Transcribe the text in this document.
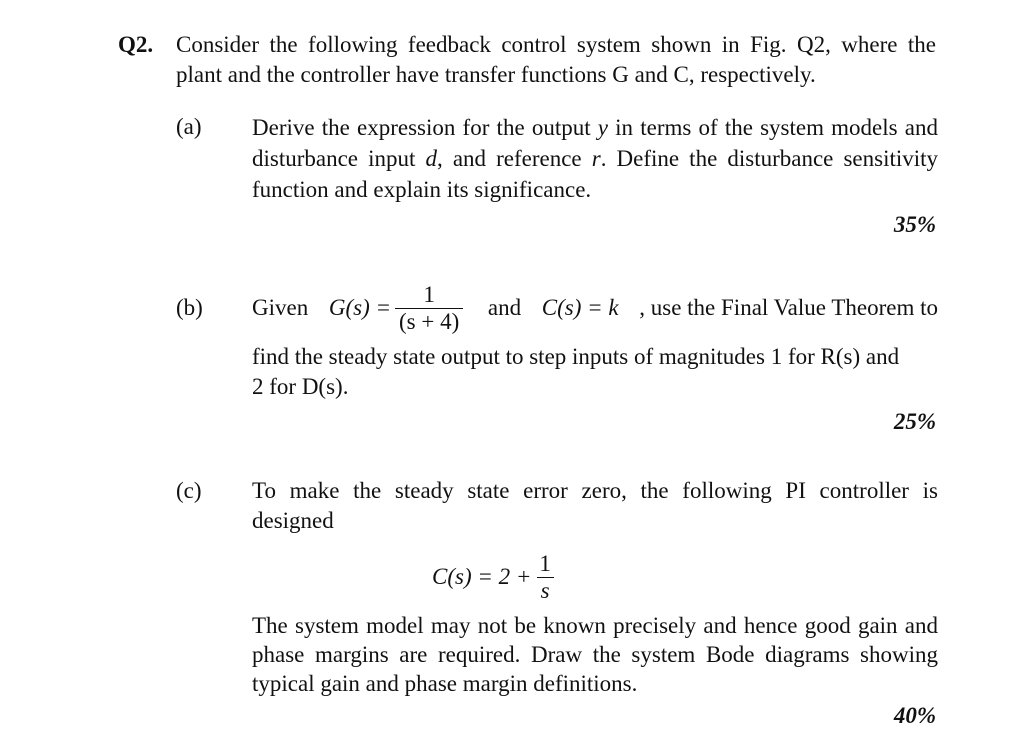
Q2. Consider the following feedback control system shown in Fig. Q2, where the plant and the controller have transfer functions G and C, respectively.
(a) Derive the expression for the output y in terms of the system models and disturbance input d, and reference r. Define the disturbance sensitivity function and explain its significance.
35%
(b) Given $G(s) = \frac{1}{(s + 4)}$ and C(s) = k , use the Final Value Theorem to
find the steady state output to step inputs of magnitudes 1 for R(s) and 2 for D(s).
25%
(c) To make the steady state error zero, the following PI controller is designed
$C(s) = 2 + \frac{1}{s}$
The system model may not be known precisely and hence good gain and phase margins are required. Draw the system Bode diagrams showing typical gain and phase margin definitions.
40%
